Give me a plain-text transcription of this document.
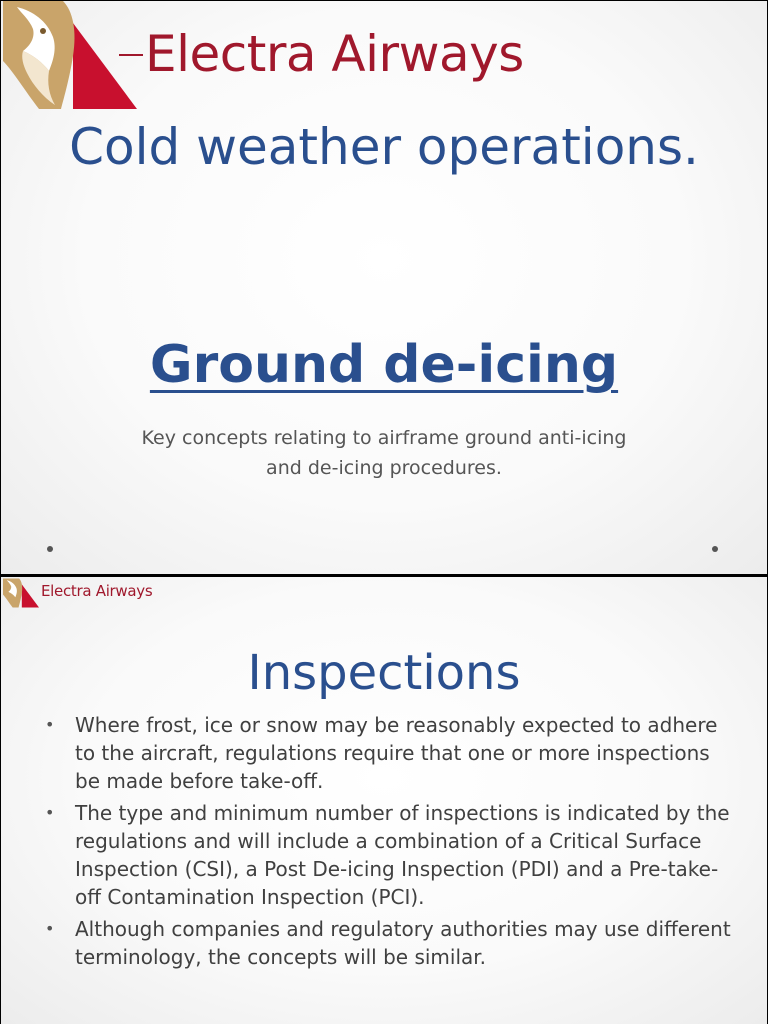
Electra Airways
Cold weather operations.
Ground de-icing
Key concepts relating to airframe ground anti-icing and de-icing procedures.
Electra Airways
Inspections
• Where frost, ice or snow may be reasonably expected to adhere to the aircraft, regulations require that one or more inspections be made before take-off.
• The type and minimum number of inspections is indicated by the regulations and will include a combination of a Critical Surface Inspection (CSI), a Post De-icing Inspection (PDI) and a Pre-take-off Contamination Inspection (PCI).
• Although companies and regulatory authorities may use different terminology, the concepts will be similar.
